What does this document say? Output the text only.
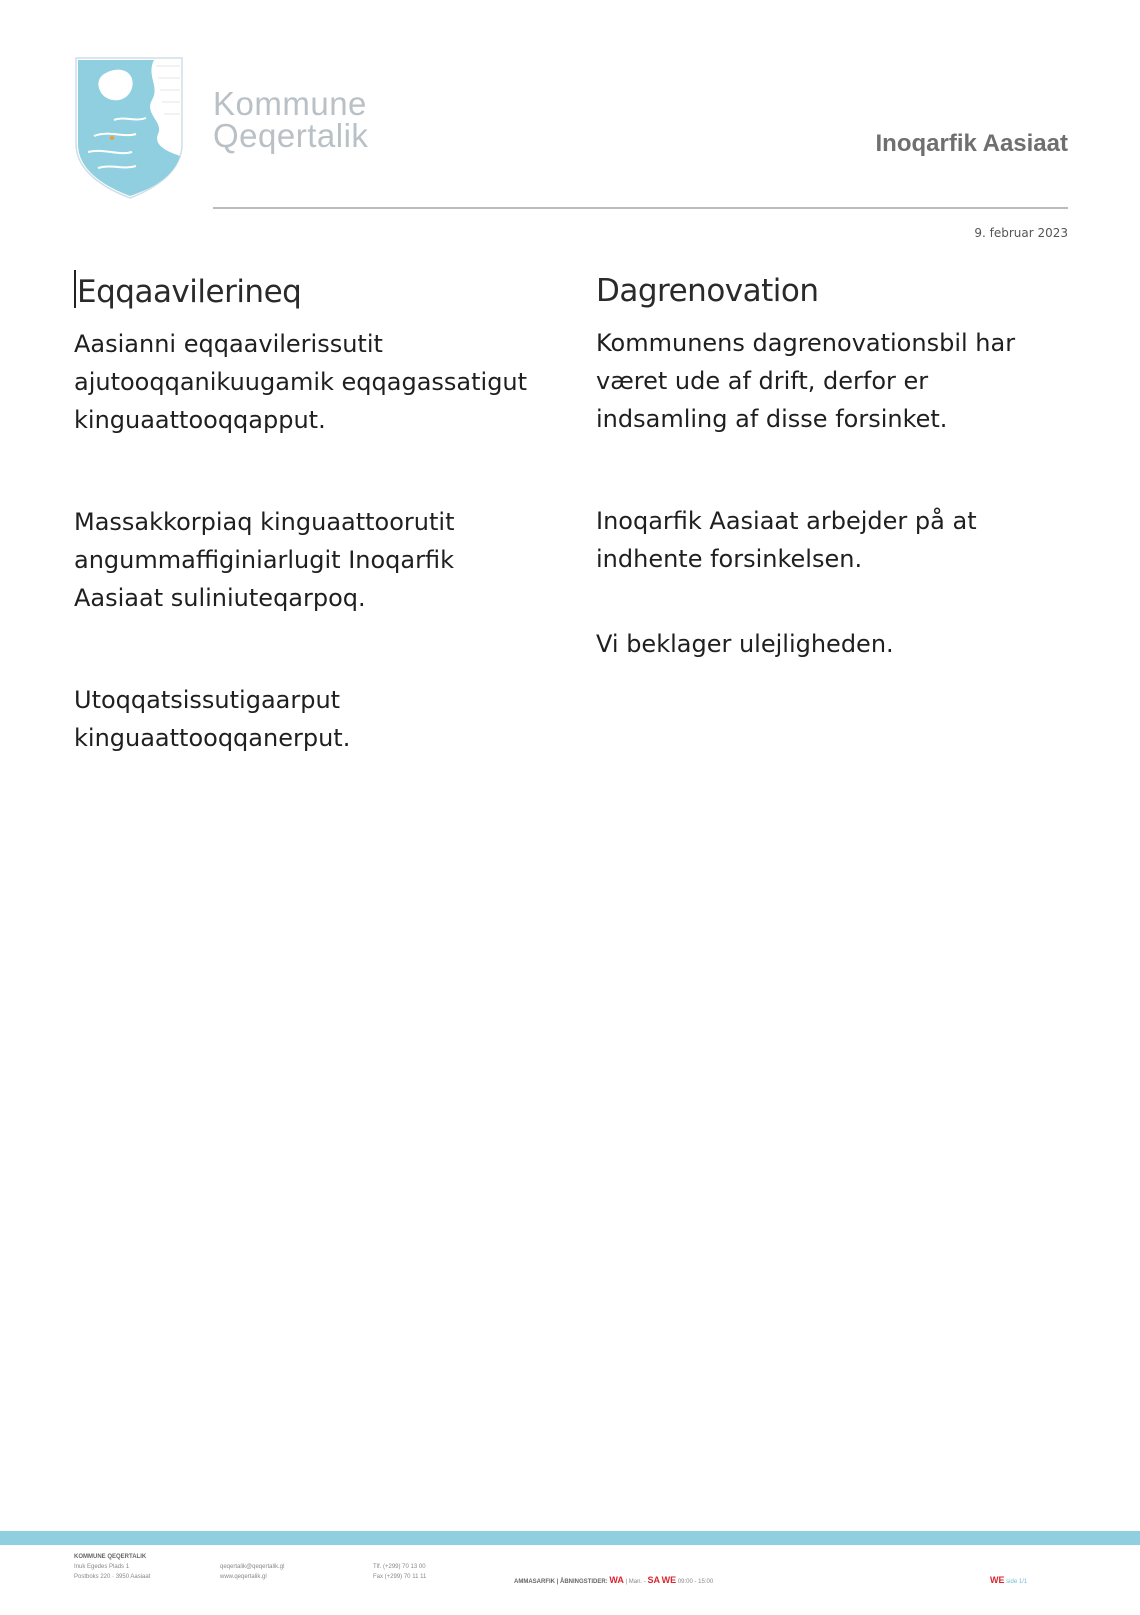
Kommune
Qeqertalik	Inoqarfik Aasiaat
9. februar 2023
Eqqaavilerineq

Aasianni eqqaavilerissutit ajutooqqanikuugamik eqqagassatigut kinguaattooqqapput.

Massakkorpiaq kinguaattoorutit angummaffiginiarlugit Inoqarfik Aasiaat suliniuteqarpoq.

Utoqqatsissutigaarput kinguaattooqqanerput.

Dagrenovation

Kommunens dagrenovationsbil har været ude af drift, derfor er indsamling af disse forsinket.

Inoqarfik Aasiaat arbejder på at indhente forsinkelsen.

Vi beklager ulejligheden.

KOMMUNE QEQERTALIK
Inuk Egedes Plads 1
Postboks 220 · 3950 Aasiaat
qeqertalik@qeqertalik.gl
www.qeqertalik.gl
Tlf. (+299) 70 13 00
Fax (+299) 70 11 11
AMMASARFIK | ÅBNINGSTIDER: WA | Man. - SA WE 09:00 - 15:00	WE side 1/1
